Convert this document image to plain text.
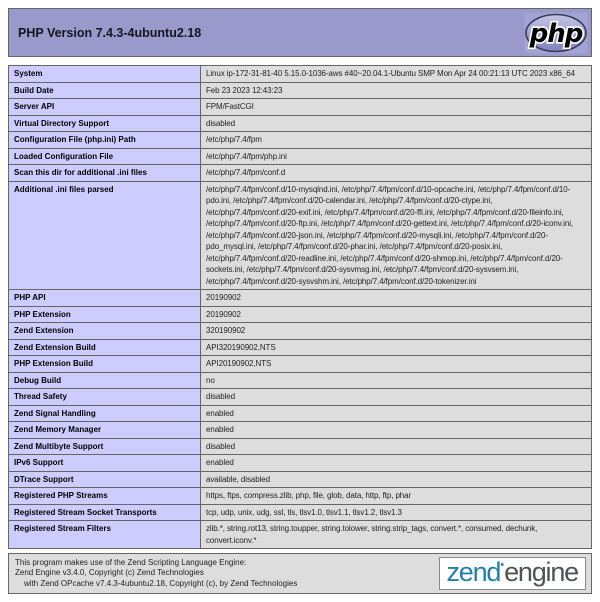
PHP Version 7.4.3-4ubuntu2.18	php
System	Linux ip-172-31-81-40 5.15.0-1036-aws #40~20.04.1-Ubuntu SMP Mon Apr 24 00:21:13 UTC 2023 x86_64
Build Date	Feb 23 2023 12:43:23
Server API	FPM/FastCGI
Virtual Directory Support	disabled
Configuration File (php.ini) Path	/etc/php/7.4/fpm
Loaded Configuration File	/etc/php/7.4/fpm/php.ini
Scan this dir for additional .ini files	/etc/php/7.4/fpm/conf.d
Additional .ini files parsed	/etc/php/7.4/fpm/conf.d/10-mysqlnd.ini, /etc/php/7.4/fpm/conf.d/10-opcache.ini, /etc/php/7.4/fpm/conf.d/10-pdo.ini, /etc/php/7.4/fpm/conf.d/20-calendar.ini, /etc/php/7.4/fpm/conf.d/20-ctype.ini, /etc/php/7.4/fpm/conf.d/20-exif.ini, /etc/php/7.4/fpm/conf.d/20-ffi.ini, /etc/php/7.4/fpm/conf.d/20-fileinfo.ini, /etc/php/7.4/fpm/conf.d/20-ftp.ini, /etc/php/7.4/fpm/conf.d/20-gettext.ini, /etc/php/7.4/fpm/conf.d/20-iconv.ini, /etc/php/7.4/fpm/conf.d/20-json.ini, /etc/php/7.4/fpm/conf.d/20-mysqli.ini, /etc/php/7.4/fpm/conf.d/20-pdo_mysql.ini, /etc/php/7.4/fpm/conf.d/20-phar.ini, /etc/php/7.4/fpm/conf.d/20-posix.ini, /etc/php/7.4/fpm/conf.d/20-readline.ini, /etc/php/7.4/fpm/conf.d/20-shmop.ini, /etc/php/7.4/fpm/conf.d/20-sockets.ini, /etc/php/7.4/fpm/conf.d/20-sysvmsg.ini, /etc/php/7.4/fpm/conf.d/20-sysvsem.ini, /etc/php/7.4/fpm/conf.d/20-sysvshm.ini, /etc/php/7.4/fpm/conf.d/20-tokenizer.ini
PHP API	20190902
PHP Extension	20190902
Zend Extension	320190902
Zend Extension Build	API320190902,NTS
PHP Extension Build	API20190902,NTS
Debug Build	no
Thread Safety	disabled
Zend Signal Handling	enabled
Zend Memory Manager	enabled
Zend Multibyte Support	disabled
IPv6 Support	enabled
DTrace Support	available, disabled
Registered PHP Streams	https, ftps, compress.zlib, php, file, glob, data, http, ftp, phar
Registered Stream Socket Transports	tcp, udp, unix, udg, ssl, tls, tlsv1.0, tlsv1.1, tlsv1.2, tlsv1.3
Registered Stream Filters	zlib.*, string.rot13, string.toupper, string.tolower, string.strip_tags, convert.*, consumed, dechunk, convert.iconv.*
This program makes use of the Zend Scripting Language Engine:
Zend Engine v3.4.0, Copyright (c) Zend Technologies
with Zend OPcache v7.4.3-4ubuntu2.18, Copyright (c), by Zend Technologies	zend•engine
